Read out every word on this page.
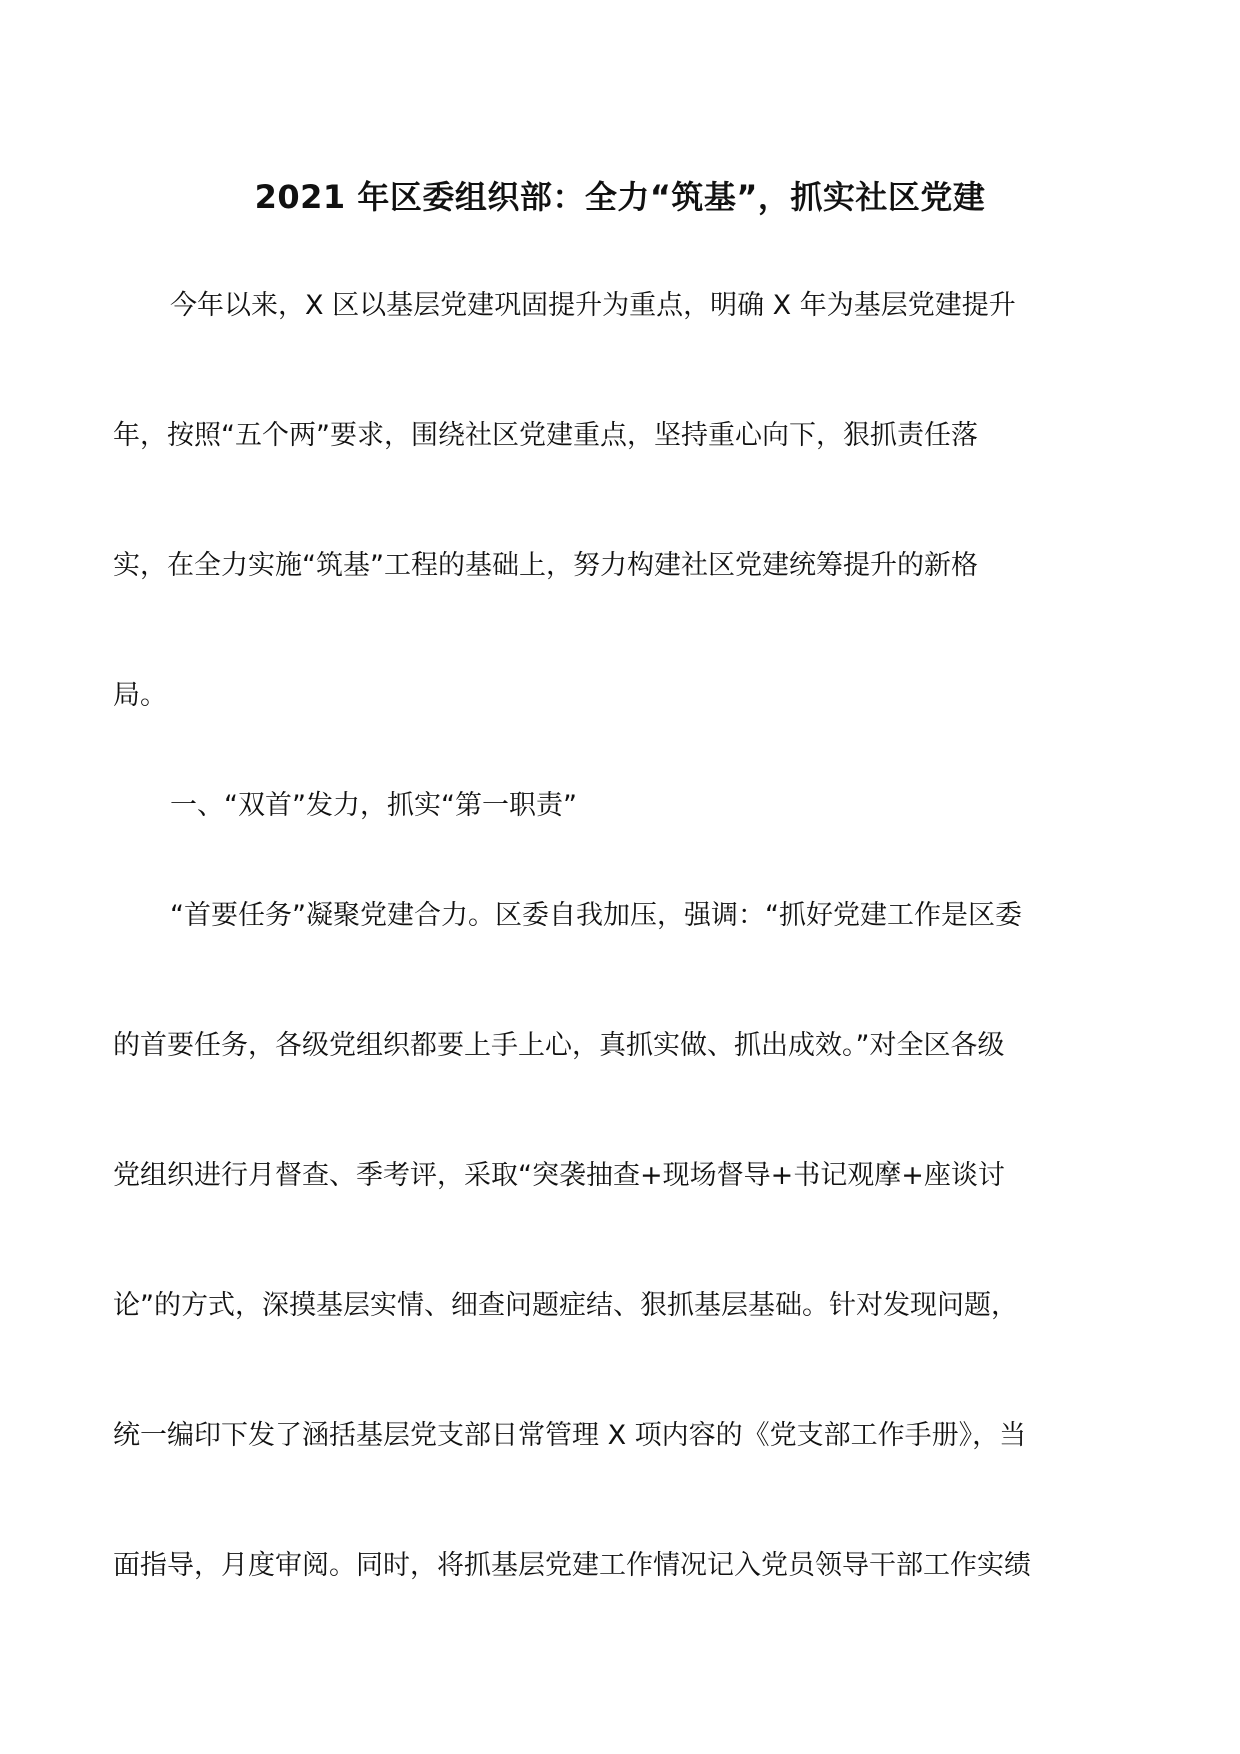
2021 年区委组织部：全力“筑基”，抓实社区党建
今年以来，X 区以基层党建巩固提升为重点，明确 X 年为基层党建提升
年，按照“五个两”要求，围绕社区党建重点，坚持重心向下，狠抓责任落
实，在全力实施“筑基”工程的基础上，努力构建社区党建统筹提升的新格
局。
一、“双首”发力，抓实“第一职责”
“首要任务”凝聚党建合力。区委自我加压，强调：“抓好党建工作是区委
的首要任务，各级党组织都要上手上心，真抓实做、抓出成效。”对全区各级
党组织进行月督查、季考评，采取“突袭抽查+现场督导+书记观摩+座谈讨
论”的方式，深摸基层实情、细查问题症结、狠抓基层基础。针对发现问题，
统一编印下发了涵括基层党支部日常管理 X 项内容的《党支部工作手册》，当
面指导，月度审阅。同时，将抓基层党建工作情况记入党员领导干部工作实绩
